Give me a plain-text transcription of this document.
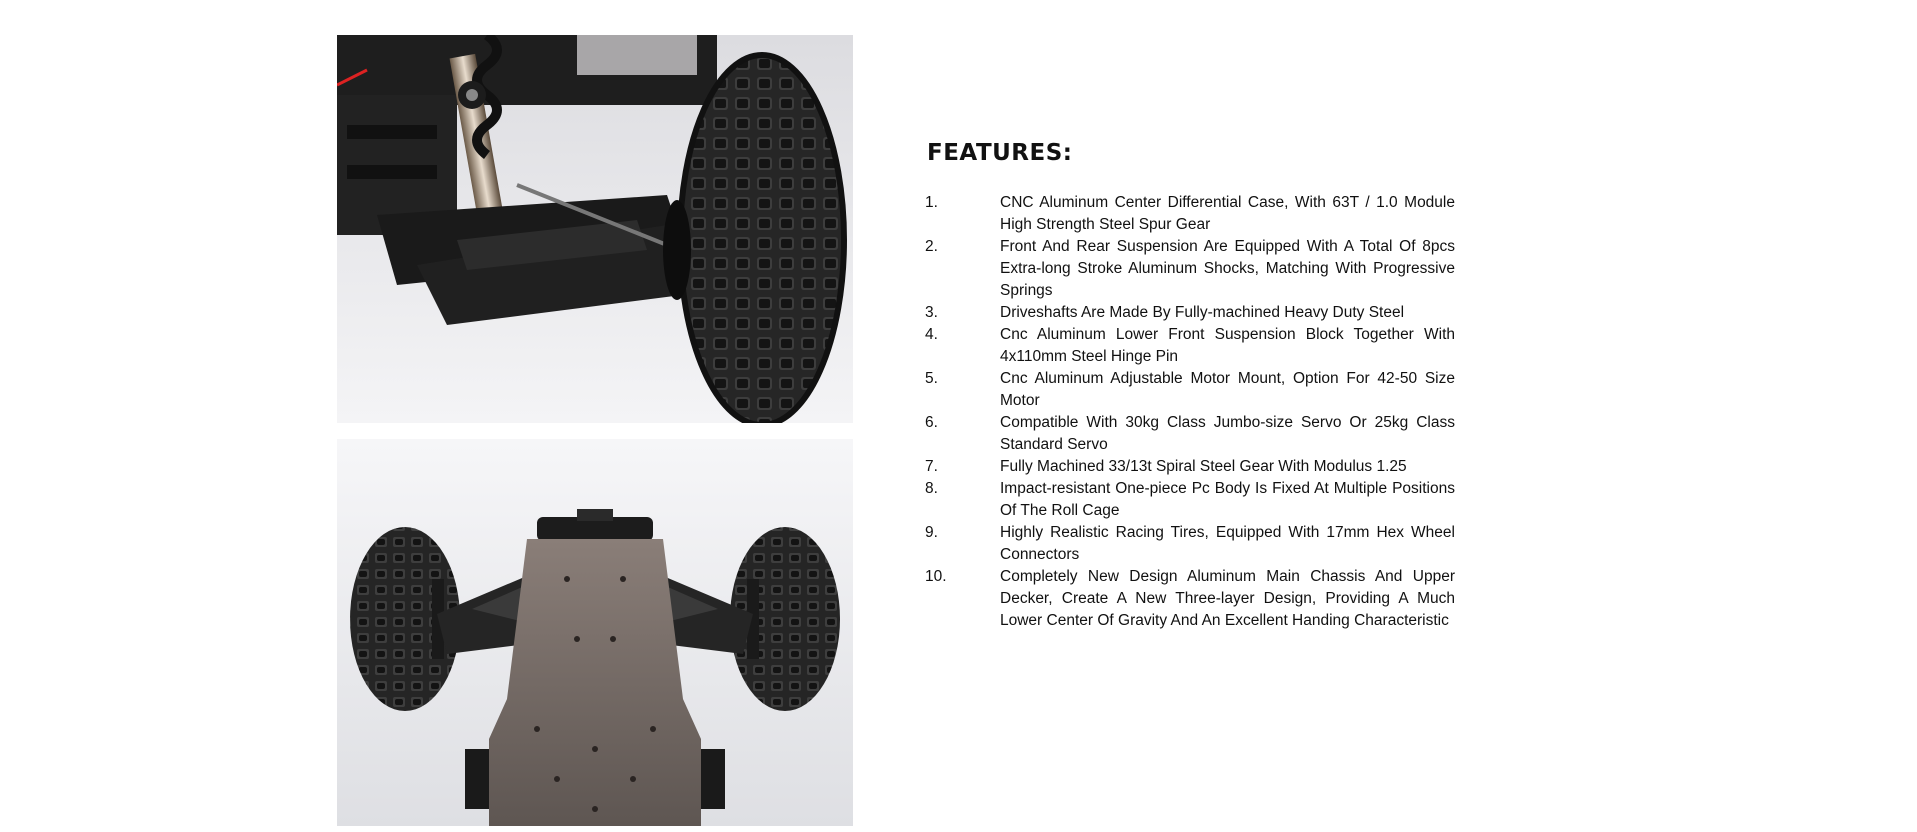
FEATURES:
1.	CNC Aluminum Center Differential Case, With 63T / 1.0 Module High Strength Steel Spur Gear
2.	Front And Rear Suspension Are Equipped With A Total Of 8pcs Extra-long Stroke Aluminum Shocks, Matching With Progressive Springs
3.	Driveshafts Are Made By Fully-machined Heavy Duty Steel
4.	Cnc Aluminum Lower Front Suspension Block Together With 4x110mm Steel Hinge Pin
5.	Cnc Aluminum Adjustable Motor Mount, Option For 42-50 Size Motor
6.	Compatible With 30kg Class Jumbo-size Servo Or 25kg Class Standard Servo
7.	Fully Machined 33/13t Spiral Steel Gear With Modulus 1.25
8.	Impact-resistant One-piece Pc Body Is Fixed At Multiple Positions Of The Roll Cage
9.	Highly Realistic Racing Tires, Equipped With 17mm Hex Wheel Connectors
10.	Completely New Design Aluminum Main Chassis And Upper Decker, Create A New Three-layer Design, Providing A Much Lower Center Of Gravity And An Excellent Handing Characteristic
